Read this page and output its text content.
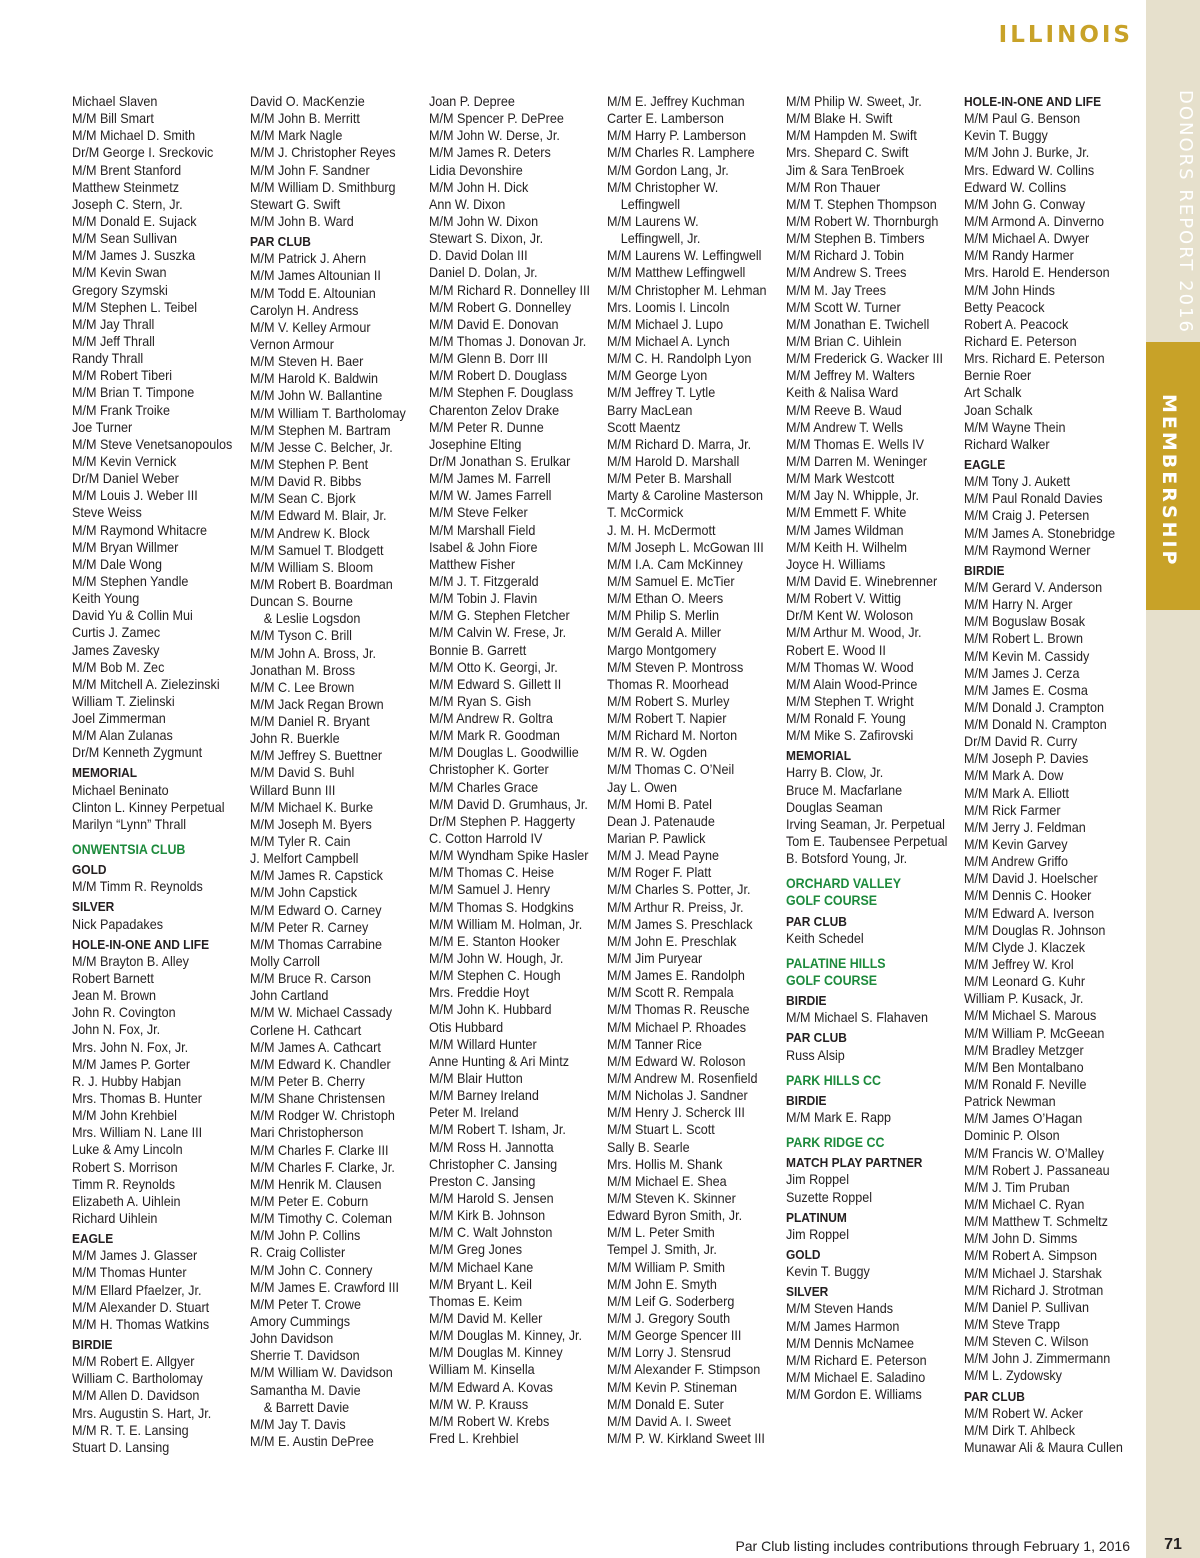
ILLINOIS
DONORS REPORT 2016
MEMBERSHIP
Michael Slaven
M/M Bill Smart
M/M Michael D. Smith
Dr/M George I. Sreckovic
M/M Brent Stanford
Matthew Steinmetz
Joseph C. Stern, Jr.
M/M Donald E. Sujack
M/M Sean Sullivan
M/M James J. Suszka
M/M Kevin Swan
Gregory Szymski
M/M Stephen L. Teibel
M/M Jay Thrall
M/M Jeff Thrall
Randy Thrall
M/M Robert Tiberi
M/M Brian T. Timpone
M/M Frank Troike
Joe Turner
M/M Steve Venetsanopoulos
M/M Kevin Vernick
Dr/M Daniel Weber
M/M Louis J. Weber III
Steve Weiss
M/M Raymond Whitacre
M/M Bryan Willmer
M/M Dale Wong
M/M Stephen Yandle
Keith Young
David Yu & Collin Mui
Curtis J. Zamec
James Zavesky
M/M Bob M. Zec
M/M Mitchell A. Zielezinski
William T. Zielinski
Joel Zimmerman
M/M Alan Zulanas
Dr/M Kenneth Zygmunt
MEMORIAL
Michael Beninato
Clinton L. Kinney Perpetual
Marilyn “Lynn” Thrall
ONWENTSIA CLUB
GOLD
M/M Timm R. Reynolds
SILVER
Nick Papadakes
HOLE-IN-ONE AND LIFE
M/M Brayton B. Alley
Robert Barnett
Jean M. Brown
John R. Covington
John N. Fox, Jr.
Mrs. John N. Fox, Jr.
M/M James P. Gorter
R. J. Hubby Habjan
Mrs. Thomas B. Hunter
M/M John Krehbiel
Mrs. William N. Lane III
Luke & Amy Lincoln
Robert S. Morrison
Timm R. Reynolds
Elizabeth A. Uihlein
Richard Uihlein
EAGLE
M/M James J. Glasser
M/M Thomas Hunter
M/M Ellard Pfaelzer, Jr.
M/M Alexander D. Stuart
M/M H. Thomas Watkins
BIRDIE
M/M Robert E. Allgyer
William C. Bartholomay
M/M Allen D. Davidson
Mrs. Augustin S. Hart, Jr.
M/M R. T. E. Lansing
Stuart D. Lansing
David O. MacKenzie
M/M John B. Merritt
M/M Mark Nagle
M/M J. Christopher Reyes
M/M John F. Sandner
M/M William D. Smithburg
Stewart G. Swift
M/M John B. Ward
PAR CLUB
M/M Patrick J. Ahern
M/M James Altounian II
M/M Todd E. Altounian
Carolyn H. Andress
M/M V. Kelley Armour
Vernon Armour
M/M Steven H. Baer
M/M Harold K. Baldwin
M/M John W. Ballantine
M/M William T. Bartholomay
M/M Stephen M. Bartram
M/M Jesse C. Belcher, Jr.
M/M Stephen P. Bent
M/M David R. Bibbs
M/M Sean C. Bjork
M/M Edward M. Blair, Jr.
M/M Andrew K. Block
M/M Samuel T. Blodgett
M/M William S. Bloom
M/M Robert B. Boardman
Duncan S. Bourne
& Leslie Logsdon
M/M Tyson C. Brill
M/M John A. Bross, Jr.
Jonathan M. Bross
M/M C. Lee Brown
M/M Jack Regan Brown
M/M Daniel R. Bryant
John R. Buerkle
M/M Jeffrey S. Buettner
M/M David S. Buhl
Willard Bunn III
M/M Michael K. Burke
M/M Joseph M. Byers
M/M Tyler R. Cain
J. Melfort Campbell
M/M James R. Capstick
M/M John Capstick
M/M Edward O. Carney
M/M Peter R. Carney
M/M Thomas Carrabine
Molly Carroll
M/M Bruce R. Carson
John Cartland
M/M W. Michael Cassady
Corlene H. Cathcart
M/M James A. Cathcart
M/M Edward K. Chandler
M/M Peter B. Cherry
M/M Shane Christensen
M/M Rodger W. Christoph
Mari Christopherson
M/M Charles F. Clarke III
M/M Charles F. Clarke, Jr.
M/M Henrik M. Clausen
M/M Peter E. Coburn
M/M Timothy C. Coleman
M/M John P. Collins
R. Craig Collister
M/M John C. Connery
M/M James E. Crawford III
M/M Peter T. Crowe
Amory Cummings
John Davidson
Sherrie T. Davidson
M/M William W. Davidson
Samantha M. Davie
& Barrett Davie
M/M Jay T. Davis
M/M E. Austin DePree
Joan P. Depree
M/M Spencer P. DePree
M/M John W. Derse, Jr.
M/M James R. Deters
Lidia Devonshire
M/M John H. Dick
Ann W. Dixon
M/M John W. Dixon
Stewart S. Dixon, Jr.
D. David Dolan III
Daniel D. Dolan, Jr.
M/M Richard R. Donnelley III
M/M Robert G. Donnelley
M/M David E. Donovan
M/M Thomas J. Donovan Jr.
M/M Glenn B. Dorr III
M/M Robert D. Douglass
M/M Stephen F. Douglass
Charenton Zelov Drake
M/M Peter R. Dunne
Josephine Elting
Dr/M Jonathan S. Erulkar
M/M James M. Farrell
M/M W. James Farrell
M/M Steve Felker
M/M Marshall Field
Isabel & John Fiore
Matthew Fisher
M/M J. T. Fitzgerald
M/M Tobin J. Flavin
M/M G. Stephen Fletcher
M/M Calvin W. Frese, Jr.
Bonnie B. Garrett
M/M Otto K. Georgi, Jr.
M/M Edward S. Gillett II
M/M Ryan S. Gish
M/M Andrew R. Goltra
M/M Mark R. Goodman
M/M Douglas L. Goodwillie
Christopher K. Gorter
M/M Charles Grace
M/M David D. Grumhaus, Jr.
Dr/M Stephen P. Haggerty
C. Cotton Harrold IV
M/M Wyndham Spike Hasler
M/M Thomas C. Heise
M/M Samuel J. Henry
M/M Thomas S. Hodgkins
M/M William M. Holman, Jr.
M/M E. Stanton Hooker
M/M John W. Hough, Jr.
M/M Stephen C. Hough
Mrs. Freddie Hoyt
M/M John K. Hubbard
Otis Hubbard
M/M Willard Hunter
Anne Hunting & Ari Mintz
M/M Blair Hutton
M/M Barney Ireland
Peter M. Ireland
M/M Robert T. Isham, Jr.
M/M Ross H. Jannotta
Christopher C. Jansing
Preston C. Jansing
M/M Harold S. Jensen
M/M Kirk B. Johnson
M/M C. Walt Johnston
M/M Greg Jones
M/M Michael Kane
M/M Bryant L. Keil
Thomas E. Keim
M/M David M. Keller
M/M Douglas M. Kinney, Jr.
M/M Douglas M. Kinney
William M. Kinsella
M/M Edward A. Kovas
M/M W. P. Krauss
M/M Robert W. Krebs
Fred L. Krehbiel
M/M E. Jeffrey Kuchman
Carter E. Lamberson
M/M Harry P. Lamberson
M/M Charles R. Lamphere
M/M Gordon Lang, Jr.
M/M Christopher W.
Leffingwell
M/M Laurens W.
Leffingwell, Jr.
M/M Laurens W. Leffingwell
M/M Matthew Leffingwell
M/M Christopher M. Lehman
Mrs. Loomis I. Lincoln
M/M Michael J. Lupo
M/M Michael A. Lynch
M/M C. H. Randolph Lyon
M/M George Lyon
M/M Jeffrey T. Lytle
Barry MacLean
Scott Maentz
M/M Richard D. Marra, Jr.
M/M Harold D. Marshall
M/M Peter B. Marshall
Marty & Caroline Masterson
T. McCormick
J. M. H. McDermott
M/M Joseph L. McGowan III
M/M I.A. Cam McKinney
M/M Samuel E. McTier
M/M Ethan O. Meers
M/M Philip S. Merlin
M/M Gerald A. Miller
Margo Montgomery
M/M Steven P. Montross
Thomas R. Moorhead
M/M Robert S. Murley
M/M Robert T. Napier
M/M Richard M. Norton
M/M R. W. Ogden
M/M Thomas C. O’Neil
Jay L. Owen
M/M Homi B. Patel
Dean J. Patenaude
Marian P. Pawlick
M/M J. Mead Payne
M/M Roger F. Platt
M/M Charles S. Potter, Jr.
M/M Arthur R. Preiss, Jr.
M/M James S. Preschlack
M/M John E. Preschlak
M/M Jim Puryear
M/M James E. Randolph
M/M Scott R. Rempala
M/M Thomas R. Reusche
M/M Michael P. Rhoades
M/M Tanner Rice
M/M Edward W. Roloson
M/M Andrew M. Rosenfield
M/M Nicholas J. Sandner
M/M Henry J. Scherck III
M/M Stuart L. Scott
Sally B. Searle
Mrs. Hollis M. Shank
M/M Michael E. Shea
M/M Steven K. Skinner
Edward Byron Smith, Jr.
M/M L. Peter Smith
Tempel J. Smith, Jr.
M/M William P. Smith
M/M John E. Smyth
M/M Leif G. Soderberg
M/M J. Gregory South
M/M George Spencer III
M/M Lorry J. Stensrud
M/M Alexander F. Stimpson
M/M Kevin P. Stineman
M/M Donald E. Suter
M/M David A. I. Sweet
M/M P. W. Kirkland Sweet III
M/M Philip W. Sweet, Jr.
M/M Blake H. Swift
M/M Hampden M. Swift
Mrs. Shepard C. Swift
Jim & Sara TenBroek
M/M Ron Thauer
M/M T. Stephen Thompson
M/M Robert W. Thornburgh
M/M Stephen B. Timbers
M/M Richard J. Tobin
M/M Andrew S. Trees
M/M M. Jay Trees
M/M Scott W. Turner
M/M Jonathan E. Twichell
M/M Brian C. Uihlein
M/M Frederick G. Wacker III
M/M Jeffrey M. Walters
Keith & Nalisa Ward
M/M Reeve B. Waud
M/M Andrew T. Wells
M/M Thomas E. Wells IV
M/M Darren M. Weninger
M/M Mark Westcott
M/M Jay N. Whipple, Jr.
M/M Emmett F. White
M/M James Wildman
M/M Keith H. Wilhelm
Joyce H. Williams
M/M David E. Winebrenner
M/M Robert V. Wittig
Dr/M Kent W. Woloson
M/M Arthur M. Wood, Jr.
Robert E. Wood II
M/M Thomas W. Wood
M/M Alain Wood-Prince
M/M Stephen T. Wright
M/M Ronald F. Young
M/M Mike S. Zafirovski
MEMORIAL
Harry B. Clow, Jr.
Bruce M. Macfarlane
Douglas Seaman
Irving Seaman, Jr. Perpetual
Tom E. Taubensee Perpetual
B. Botsford Young, Jr.
ORCHARD VALLEY
GOLF COURSE
PAR CLUB
Keith Schedel
PALATINE HILLS
GOLF COURSE
BIRDIE
M/M Michael S. Flahaven
PAR CLUB
Russ Alsip
PARK HILLS CC
BIRDIE
M/M Mark E. Rapp
PARK RIDGE CC
MATCH PLAY PARTNER
Jim Roppel
Suzette Roppel
PLATINUM
Jim Roppel
GOLD
Kevin T. Buggy
SILVER
M/M Steven Hands
M/M James Harmon
M/M Dennis McNamee
M/M Richard E. Peterson
M/M Michael E. Saladino
M/M Gordon E. Williams
HOLE-IN-ONE AND LIFE
M/M Paul G. Benson
Kevin T. Buggy
M/M John J. Burke, Jr.
Mrs. Edward W. Collins
Edward W. Collins
M/M John G. Conway
M/M Armond A. Dinverno
M/M Michael A. Dwyer
M/M Randy Harmer
Mrs. Harold E. Henderson
M/M John Hinds
Betty Peacock
Robert A. Peacock
Richard E. Peterson
Mrs. Richard E. Peterson
Bernie Roer
Art Schalk
Joan Schalk
M/M Wayne Thein
Richard Walker
EAGLE
M/M Tony J. Aukett
M/M Paul Ronald Davies
M/M Craig J. Petersen
M/M James A. Stonebridge
M/M Raymond Werner
BIRDIE
M/M Gerard V. Anderson
M/M Harry N. Arger
M/M Boguslaw Bosak
M/M Robert L. Brown
M/M Kevin M. Cassidy
M/M James J. Cerza
M/M James E. Cosma
M/M Donald J. Crampton
M/M Donald N. Crampton
Dr/M David R. Curry
M/M Joseph P. Davies
M/M Mark A. Dow
M/M Mark A. Elliott
M/M Rick Farmer
M/M Jerry J. Feldman
M/M Kevin Garvey
M/M Andrew Griffo
M/M David J. Hoelscher
M/M Dennis C. Hooker
M/M Edward A. Iverson
M/M Douglas R. Johnson
M/M Clyde J. Klaczek
M/M Jeffrey W. Krol
M/M Leonard G. Kuhr
William P. Kusack, Jr.
M/M Michael S. Marous
M/M William P. McGeean
M/M Bradley Metzger
M/M Ben Montalbano
M/M Ronald F. Neville
Patrick Newman
M/M James O’Hagan
Dominic P. Olson
M/M Francis W. O’Malley
M/M Robert J. Passaneau
M/M J. Tim Pruban
M/M Michael C. Ryan
M/M Matthew T. Schmeltz
M/M John D. Simms
M/M Robert A. Simpson
M/M Michael J. Starshak
M/M Richard J. Strotman
M/M Daniel P. Sullivan
M/M Steve Trapp
M/M Steven C. Wilson
M/M John J. Zimmermann
M/M L. Zydowsky
PAR CLUB
M/M Robert W. Acker
M/M Dirk T. Ahlbeck
Munawar Ali & Maura Cullen
Par Club listing includes contributions through February 1, 2016	71
